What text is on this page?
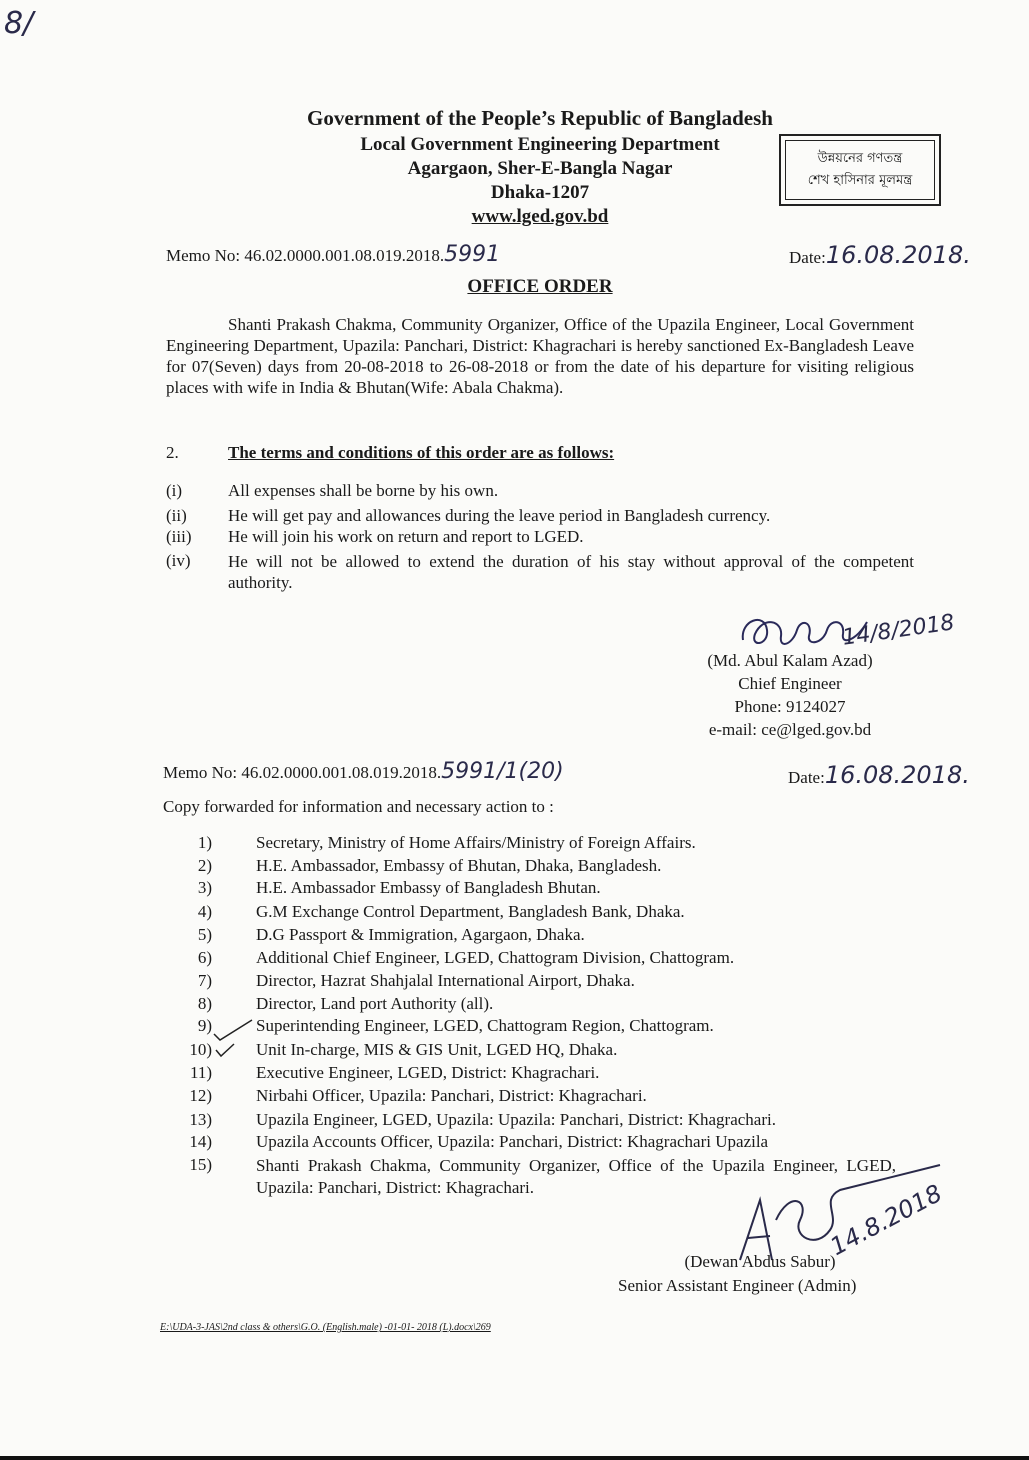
8/
Government of the People’s Republic of Bangladesh
Local Government Engineering Department
Agargaon, Sher-E-Bangla Nagar
Dhaka-1207
www.lged.gov.bd
উন্নয়নের গণতন্ত্র
শেখ হাসিনার মূলমন্ত্র
Memo No: 46.02.0000.001.08.019.2018.5991	Date:16.08.2018.
OFFICE ORDER
Shanti Prakash Chakma, Community Organizer, Office of the Upazila Engineer, Local Government Engineering Department, Upazila: Panchari, District: Khagrachari is hereby sanctioned Ex-Bangladesh Leave for 07(Seven) days from 20-08-2018 to 26-08-2018 or from the date of his departure for visiting religious places with wife in India & Bhutan(Wife: Abala Chakma).
2.	The terms and conditions of this order are as follows:
(i)	All expenses shall be borne by his own.
(ii) He will get pay and allowances during the leave period in Bangladesh currency.
(iii) He will join his work on return and report to LGED.
(iv) He will not be allowed to extend the duration of his stay without approval of the competent authority.
14/8/2018
(Md. Abul Kalam Azad)
Chief Engineer
Phone: 9124027
e-mail: ce@lged.gov.bd
Memo No: 46.02.0000.001.08.019.2018.5991/1(20)	Date:16.08.2018.
Copy forwarded for information and necessary action to :
1)	Secretary, Ministry of Home Affairs/Ministry of Foreign Affairs.
2)	H.E. Ambassador, Embassy of Bhutan, Dhaka, Bangladesh.
3)	H.E. Ambassador Embassy of Bangladesh Bhutan.
4)	G.M Exchange Control Department, Bangladesh Bank, Dhaka.
5)	D.G Passport & Immigration, Agargaon, Dhaka.
6)	Additional Chief Engineer, LGED, Chattogram Division, Chattogram.
7)	Director, Hazrat Shahjalal International Airport, Dhaka.
8)	Director, Land port Authority (all).
9)	Superintending Engineer, LGED, Chattogram Region, Chattogram.
10)	Unit In-charge, MIS & GIS Unit, LGED HQ, Dhaka.
11)	Executive Engineer, LGED, District: Khagrachari.
12)	Nirbahi Officer, Upazila: Panchari, District: Khagrachari.
13)	Upazila Engineer, LGED, Upazila: Upazila: Panchari, District: Khagrachari.
14)	Upazila Accounts Officer, Upazila: Panchari, District: Khagrachari Upazila
15)	Shanti Prakash Chakma, Community Organizer, Office of the Upazila Engineer, LGED, Upazila: Panchari, District: Khagrachari.	14.8.2018
(Dewan Abdus Sabur)
Senior Assistant Engineer (Admin)
E:\UDA-3-JAS\2nd class & others\G.O. (English.male) -01-01- 2018 (L).docx\269
